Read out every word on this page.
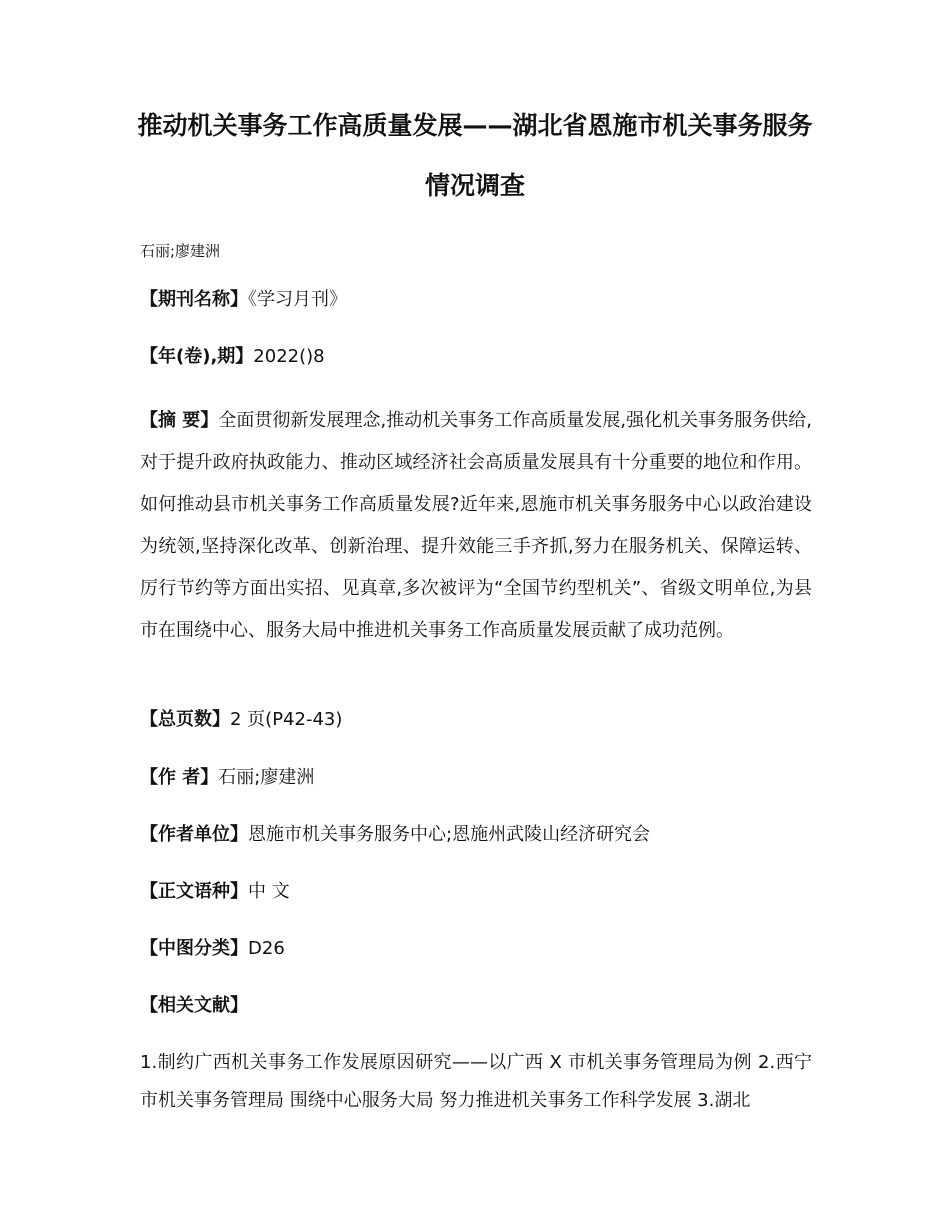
推动机关事务工作高质量发展——湖北省恩施市机关事务服务情况调查
石丽;廖建洲
【期刊名称】《学习月刊》
【年(卷),期】2022()8
【摘 要】全面贯彻新发展理念,推动机关事务工作高质量发展,强化机关事务服务供给,对于提升政府执政能力、推动区域经济社会高质量发展具有十分重要的地位和作用。如何推动县市机关事务工作高质量发展?近年来,恩施市机关事务服务中心以政治建设为统领,坚持深化改革、创新治理、提升效能三手齐抓,努力在服务机关、保障运转、厉行节约等方面出实招、见真章,多次被评为“全国节约型机关”、省级文明单位,为县市在围绕中心、服务大局中推进机关事务工作高质量发展贡献了成功范例。
【总页数】2 页(P42-43)
【作 者】石丽;廖建洲
【作者单位】恩施市机关事务服务中心;恩施州武陵山经济研究会
【正文语种】中 文
【中图分类】D26
【相关文献】
1.制约广西机关事务工作发展原因研究——以广西 X 市机关事务管理局为例 2.西宁市机关事务管理局 围绕中心服务大局 努力推进机关事务工作科学发展 3.湖北
